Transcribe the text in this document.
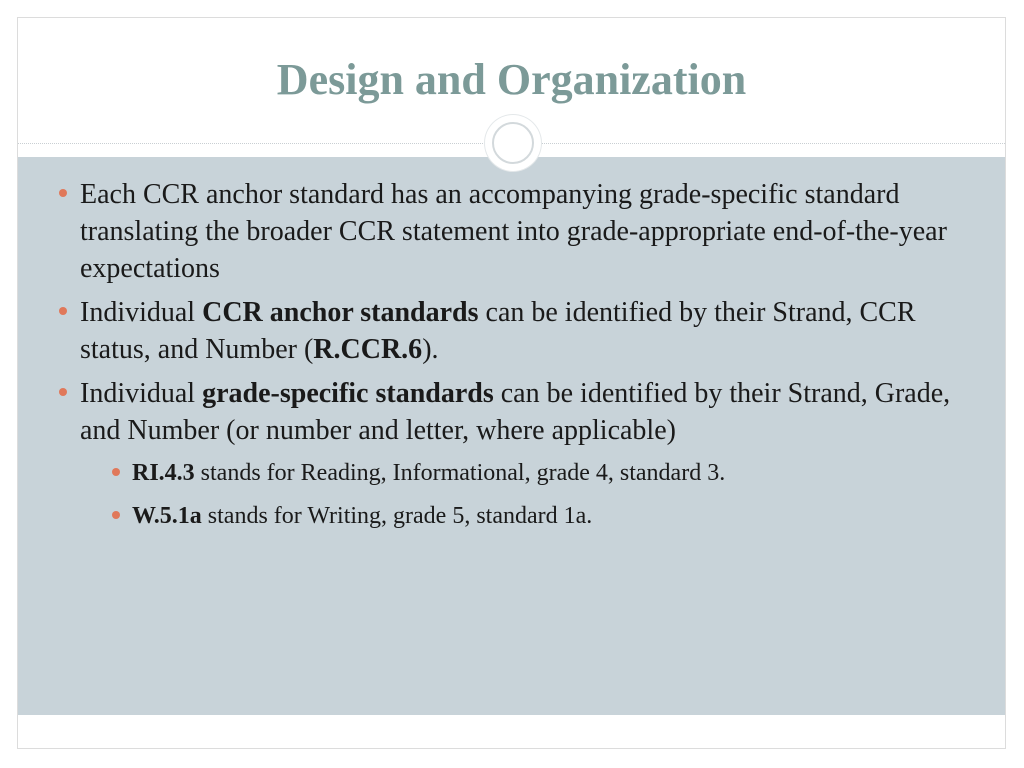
Design and Organization
Each CCR anchor standard has an accompanying grade-specific standard translating the broader CCR statement into grade-appropriate end-of-the-year expectations
Individual CCR anchor standards can be identified by their Strand, CCR status, and Number (R.CCR.6).
Individual grade-specific standards can be identified by their Strand, Grade, and Number (or number and letter, where applicable)
RI.4.3 stands for Reading, Informational, grade 4, standard 3.
W.5.1a stands for Writing, grade 5, standard 1a.
